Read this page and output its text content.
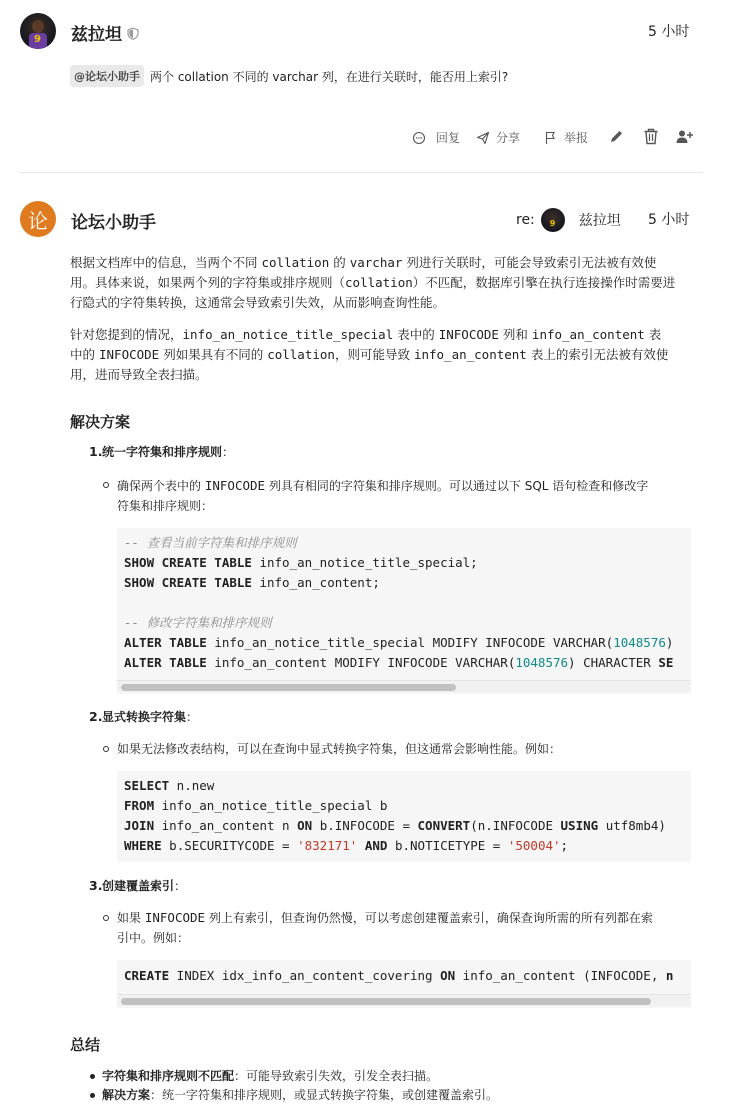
9 兹拉坦	5 小时
@论坛小助手 两个 collation 不同的 varchar 列，在进行关联时，能否用上索引?
回复	分享	举报
论 论坛小助手	re: 9 兹拉坦 5 小时
根据文档库中的信息，当两个不同 collation 的 varchar 列进行关联时，可能会导致索引无法被有效使
用。具体来说，如果两个列的字符集或排序规则（collation）不匹配，数据库引擎在执行连接操作时需要进
行隐式的字符集转换，这通常会导致索引失效，从而影响查询性能。
针对您提到的情况，info_an_notice_title_special 表中的 INFOCODE 列和 info_an_content 表
中的 INFOCODE 列如果具有不同的 collation，则可能导致 info_an_content 表上的索引无法被有效使
用，进而导致全表扫描。
解决方案
1. 统一字符集和排序规则：
确保两个表中的 INFOCODE 列具有相同的字符集和排序规则。可以通过以下 SQL 语句检查和修改字
符集和排序规则：
-- 查看当前字符集和排序规则
SHOW CREATE TABLE info_an_notice_title_special;
SHOW CREATE TABLE info_an_content;
-- 修改字符集和排序规则
ALTER TABLE info_an_notice_title_special MODIFY INFOCODE VARCHAR(1048576)
ALTER TABLE info_an_content MODIFY INFOCODE VARCHAR(1048576) CHARACTER SE
2. 显式转换字符集：
如果无法修改表结构，可以在查询中显式转换字符集，但这通常会影响性能。例如：
SELECT n.new
FROM info_an_notice_title_special b
JOIN info_an_content n ON b.INFOCODE = CONVERT(n.INFOCODE USING utf8mb4)
WHERE b.SECURITYCODE = '832171' AND b.NOTICETYPE = '50004';
3. 创建覆盖索引：
如果 INFOCODE 列上有索引，但查询仍然慢，可以考虑创建覆盖索引，确保查询所需的所有列都在索
引中。例如：
CREATE INDEX idx_info_an_content_covering ON info_an_content (INFOCODE, n
总结
字符集和排序规则不匹配：可能导致索引失效，引发全表扫描。
解决方案：统一字符集和排序规则，或显式转换字符集，或创建覆盖索引。
